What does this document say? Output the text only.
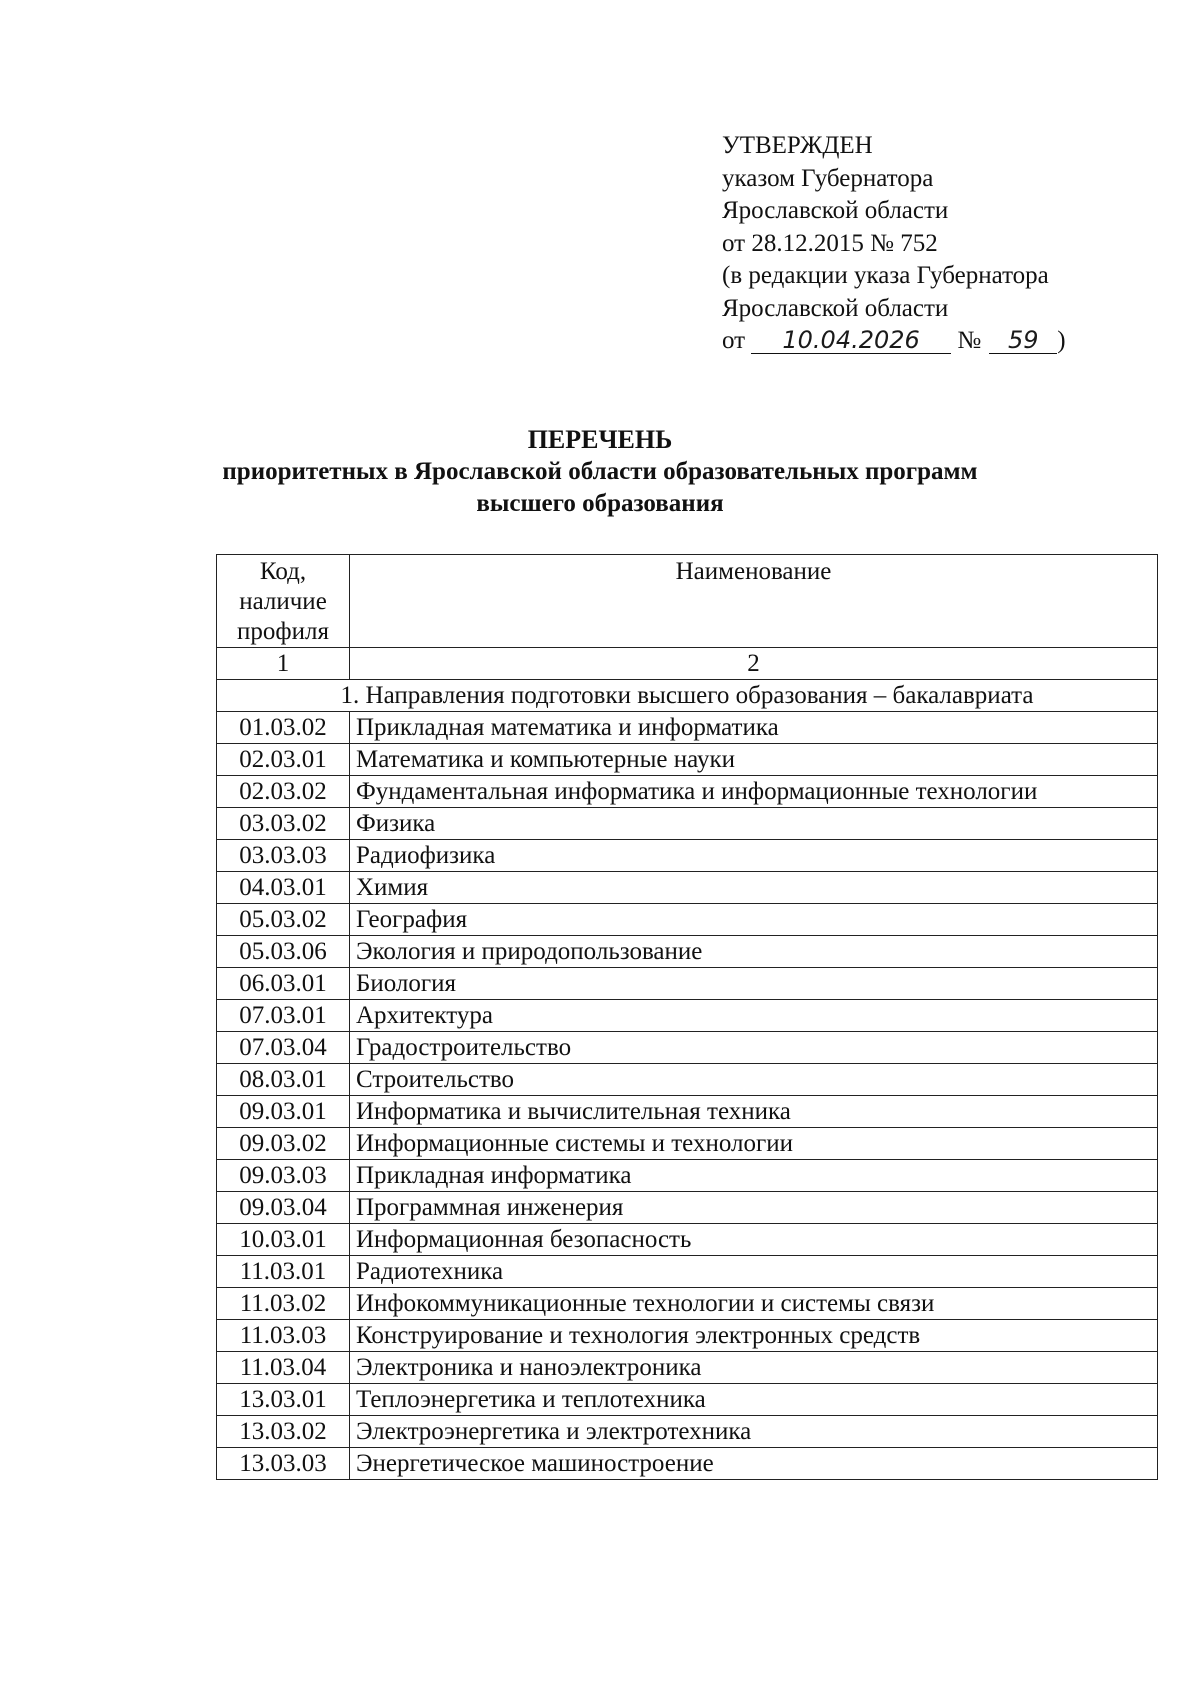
УТВЕРЖДЕН
указом Губернатора
Ярославской области
от 28.12.2015 № 752
(в редакции указа Губернатора
Ярославской области
от 10.04.2026 № 59 )
ПЕРЕЧЕНЬ
приоритетных в Ярославской области образовательных программ
высшего образования
Код,
наличие
профиля	Наименование
1	2
1. Направления подготовки высшего образования – бакалавриата	
01.03.02	Прикладная математика и информатика
02.03.01	Математика и компьютерные науки
02.03.02	Фундаментальная информатика и информационные технологии
03.03.02	Физика
03.03.03	Радиофизика
04.03.01	Химия
05.03.02	География
05.03.06	Экология и природопользование
06.03.01	Биология
07.03.01	Архитектура
07.03.04	Градостроительство
08.03.01	Строительство
09.03.01	Информатика и вычислительная техника
09.03.02	Информационные системы и технологии
09.03.03	Прикладная информатика
09.03.04	Программная инженерия
10.03.01	Информационная безопасность
11.03.01	Радиотехника
11.03.02	Инфокоммуникационные технологии и системы связи
11.03.03	Конструирование и технология электронных средств
11.03.04	Электроника и наноэлектроника
13.03.01	Теплоэнергетика и теплотехника
13.03.02	Электроэнергетика и электротехника
13.03.03	Энергетическое машиностроение
